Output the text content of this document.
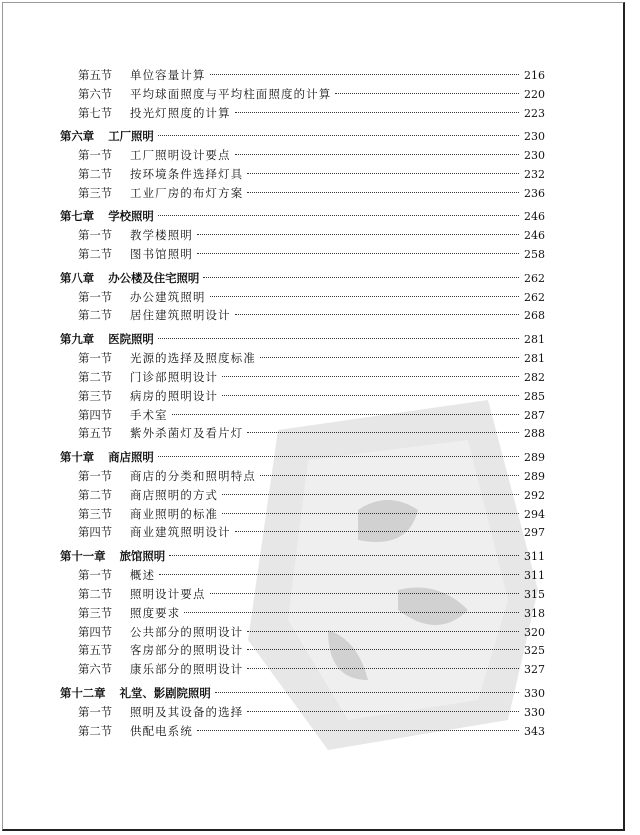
第五节	单位容量计算	216
第六节	平均球面照度与平均柱面照度的计算	220
第七节	投光灯照度的计算	223
第六章 工厂照明	230
第一节	工厂照明设计要点	230
第二节	按环境条件选择灯具	232
第三节	工业厂房的布灯方案	236
第七章 学校照明	246
第一节	教学楼照明	246
第二节	图书馆照明	258
第八章 办公楼及住宅照明	262
第一节	办公建筑照明	262
第二节	居住建筑照明设计	268
第九章 医院照明	281
第一节	光源的选择及照度标准	281
第二节	门诊部照明设计	282
第三节	病房的照明设计	285
第四节	手术室	287
第五节	紫外杀菌灯及看片灯	288
第十章 商店照明	289
第一节	商店的分类和照明特点	289
第二节	商店照明的方式	292
第三节	商业照明的标准	294
第四节	商业建筑照明设计	297
第十一章 旅馆照明	311
第一节	概述	311
第二节	照明设计要点	315
第三节	照度要求	318
第四节	公共部分的照明设计	320
第五节	客房部分的照明设计	325
第六节	康乐部分的照明设计	327
第十二章 礼堂、影剧院照明	330
第一节	照明及其设备的选择	330
第二节	供配电系统	343
